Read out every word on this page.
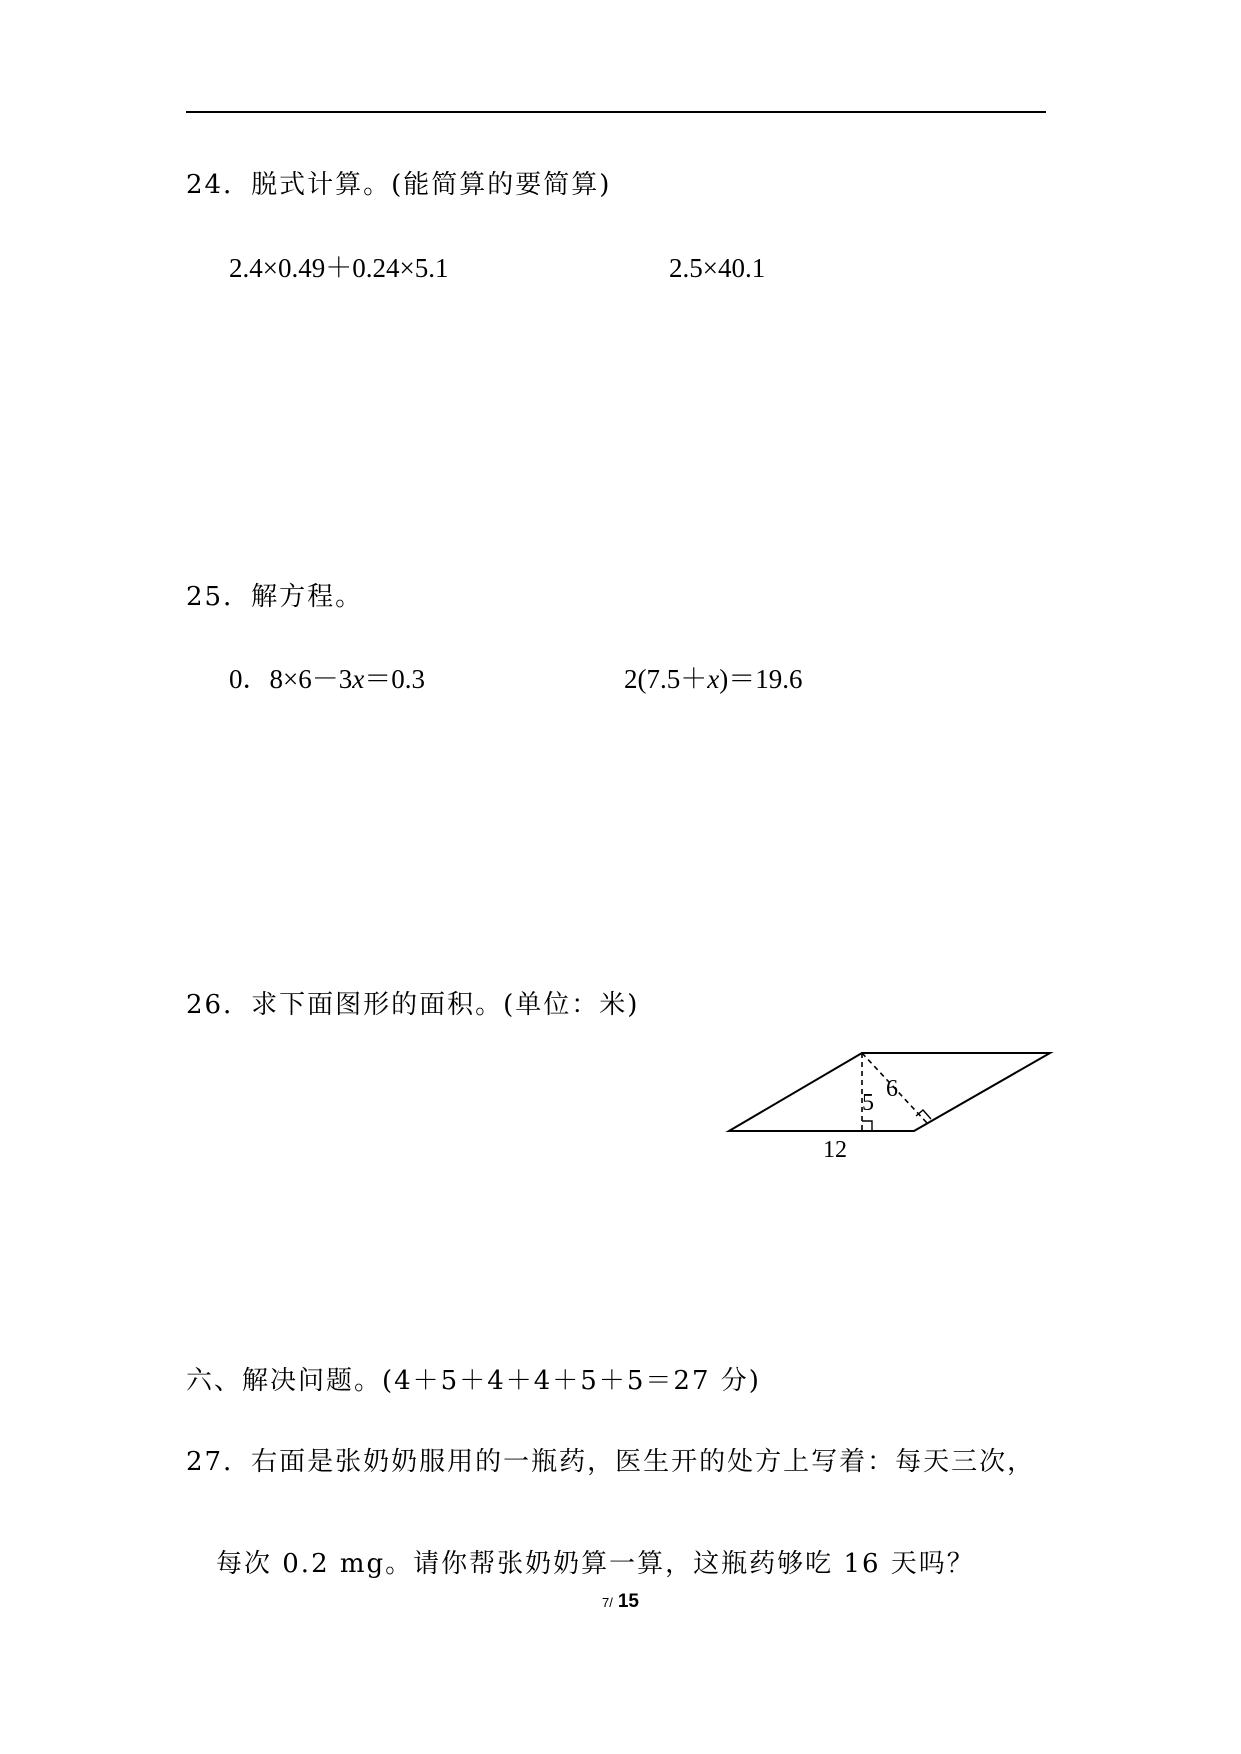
24．脱式计算。(能简算的要简算)
2.4×0.49＋0.24×5.1	2.5×40.1
25．解方程。
0．8×6－3x＝0.3	2(7.5＋x)＝19.6
26．求下面图形的面积。(单位：米)
12
5
6
六、解决问题。(4＋5＋4＋4＋5＋5＝27 分)
27．右面是张奶奶服用的一瓶药，医生开的处方上写着：每天三次，
每次 0.2 mg。请你帮张奶奶算一算，这瓶药够吃 16 天吗？
7/ 15
